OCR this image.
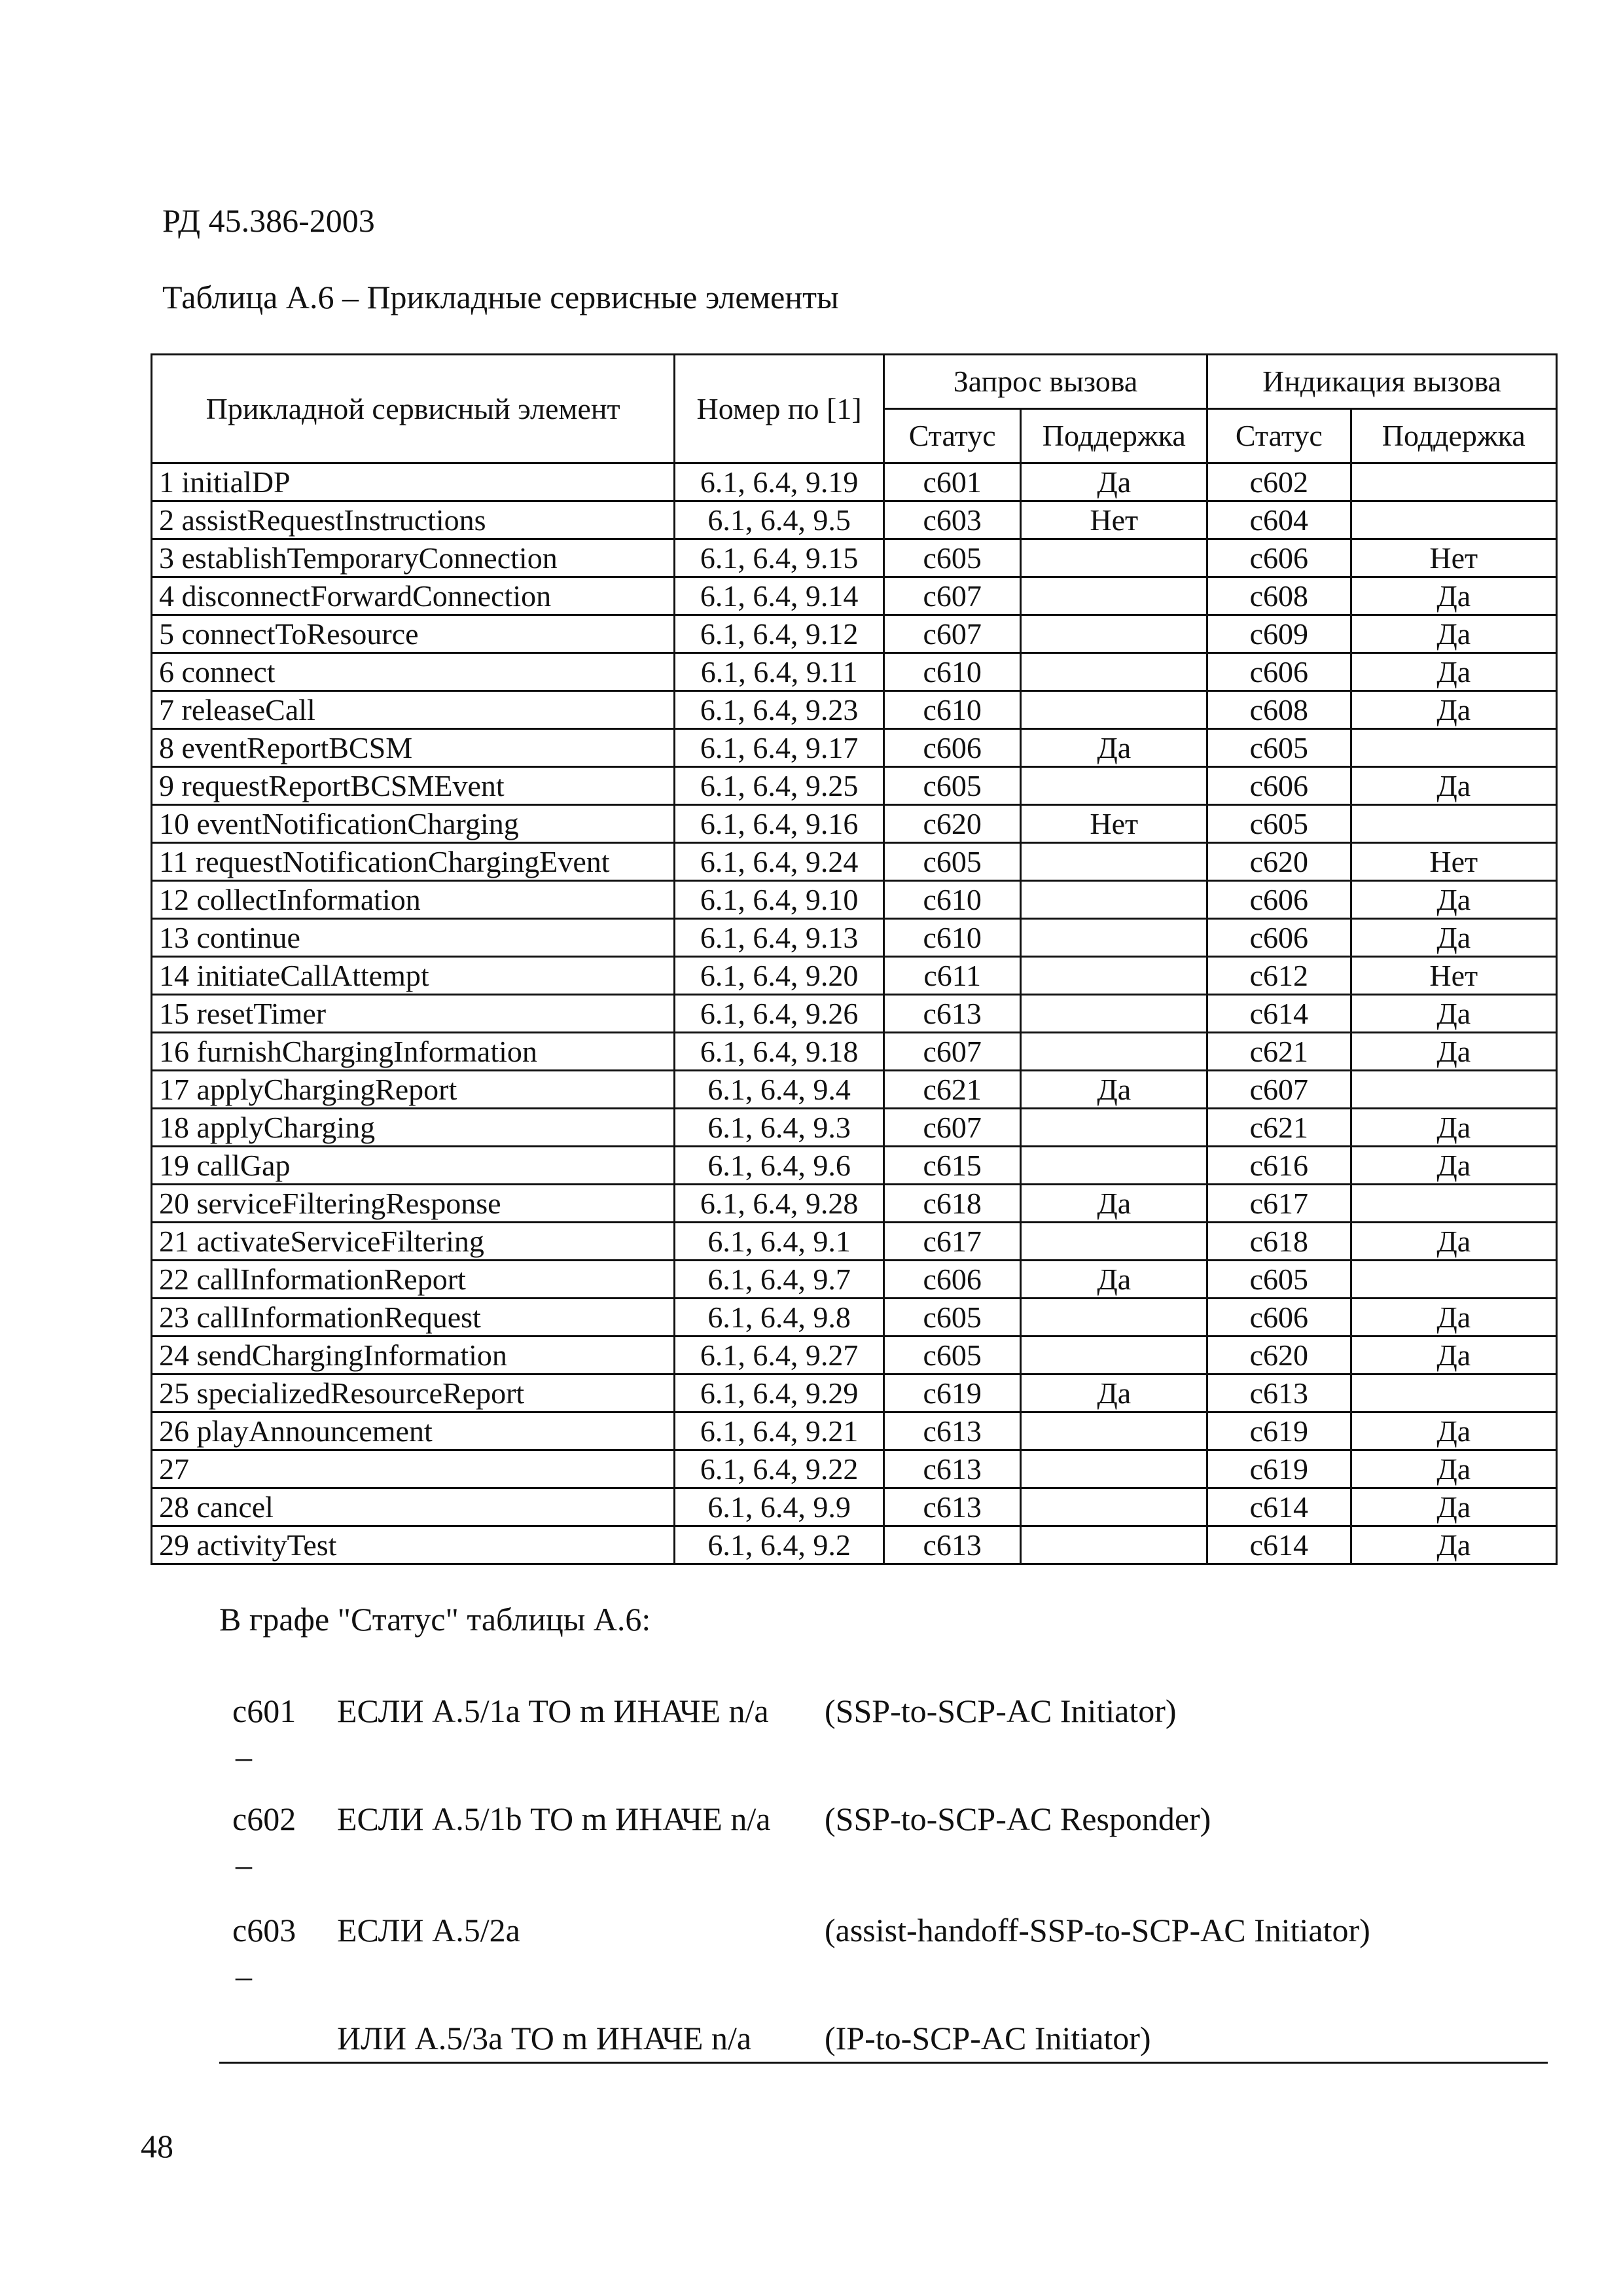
РД 45.386-2003
Таблица А.6 – Прикладные сервисные элементы
Прикладной сервисный элемент	Номер по [1]	Запрос вызова		Индикация вызова	
		Статус	Поддержка	Статус	Поддержка
1 initialDP	6.1, 6.4, 9.19	c601	Да	c602	
2 assistRequestInstructions	6.1, 6.4, 9.5	c603	Нет	c604	
3 establishTemporaryConnection	6.1, 6.4, 9.15	c605		c606	Нет
4 disconnectForwardConnection	6.1, 6.4, 9.14	c607		c608	Да
5 connectToResource	6.1, 6.4, 9.12	c607		c609	Да
6 connect	6.1, 6.4, 9.11	c610		c606	Да
7 releaseCall	6.1, 6.4, 9.23	c610		c608	Да
8 eventReportBCSM	6.1, 6.4, 9.17	c606	Да	c605	
9 requestReportBCSMEvent	6.1, 6.4, 9.25	c605		c606	Да
10 eventNotificationCharging	6.1, 6.4, 9.16	c620	Нет	c605	
11 requestNotificationChargingEvent	6.1, 6.4, 9.24	c605		c620	Нет
12 collectInformation	6.1, 6.4, 9.10	c610		c606	Да
13 continue	6.1, 6.4, 9.13	c610		c606	Да
14 initiateCallAttempt	6.1, 6.4, 9.20	c611		c612	Нет
15 resetTimer	6.1, 6.4, 9.26	c613		c614	Да
16 furnishChargingInformation	6.1, 6.4, 9.18	c607		c621	Да
17 applyChargingReport	6.1, 6.4, 9.4	c621	Да	c607	
18 applyCharging	6.1, 6.4, 9.3	c607		c621	Да
19 callGap	6.1, 6.4, 9.6	c615		c616	Да
20 serviceFilteringResponse	6.1, 6.4, 9.28	c618	Да	c617	
21 activateServiceFiltering	6.1, 6.4, 9.1	c617		c618	Да
22 callInformationReport	6.1, 6.4, 9.7	c606	Да	c605	
23 callInformationRequest	6.1, 6.4, 9.8	c605		c606	Да
24 sendChargingInformation	6.1, 6.4, 9.27	c605		c620	Да
25 specializedResourceReport	6.1, 6.4, 9.29	c619	Да	c613	
26 playAnnouncement	6.1, 6.4, 9.21	c613		c619	Да
27	6.1, 6.4, 9.22	c613		c619	Да
28 cancel	6.1, 6.4, 9.9	c613		c614	Да
29 activityTest	6.1, 6.4, 9.2	c613		c614	Да
В графе "Статус" таблицы А.6:
c601 ЕСЛИ А.5/1а ТО m ИНАЧЕ n/a (SSP-to-SCP-AC Initiator)
–
c602 ЕСЛИ А.5/1b ТО m ИНАЧЕ n/a (SSP-to-SCP-AC Responder)
–
c603 ЕСЛИ А.5/2а	(assist-handoff-SSP-to-SCP-AC Initiator)
–
ИЛИ А.5/3а ТО m ИНАЧЕ n/a (IP-to-SCP-AC Initiator)
48
